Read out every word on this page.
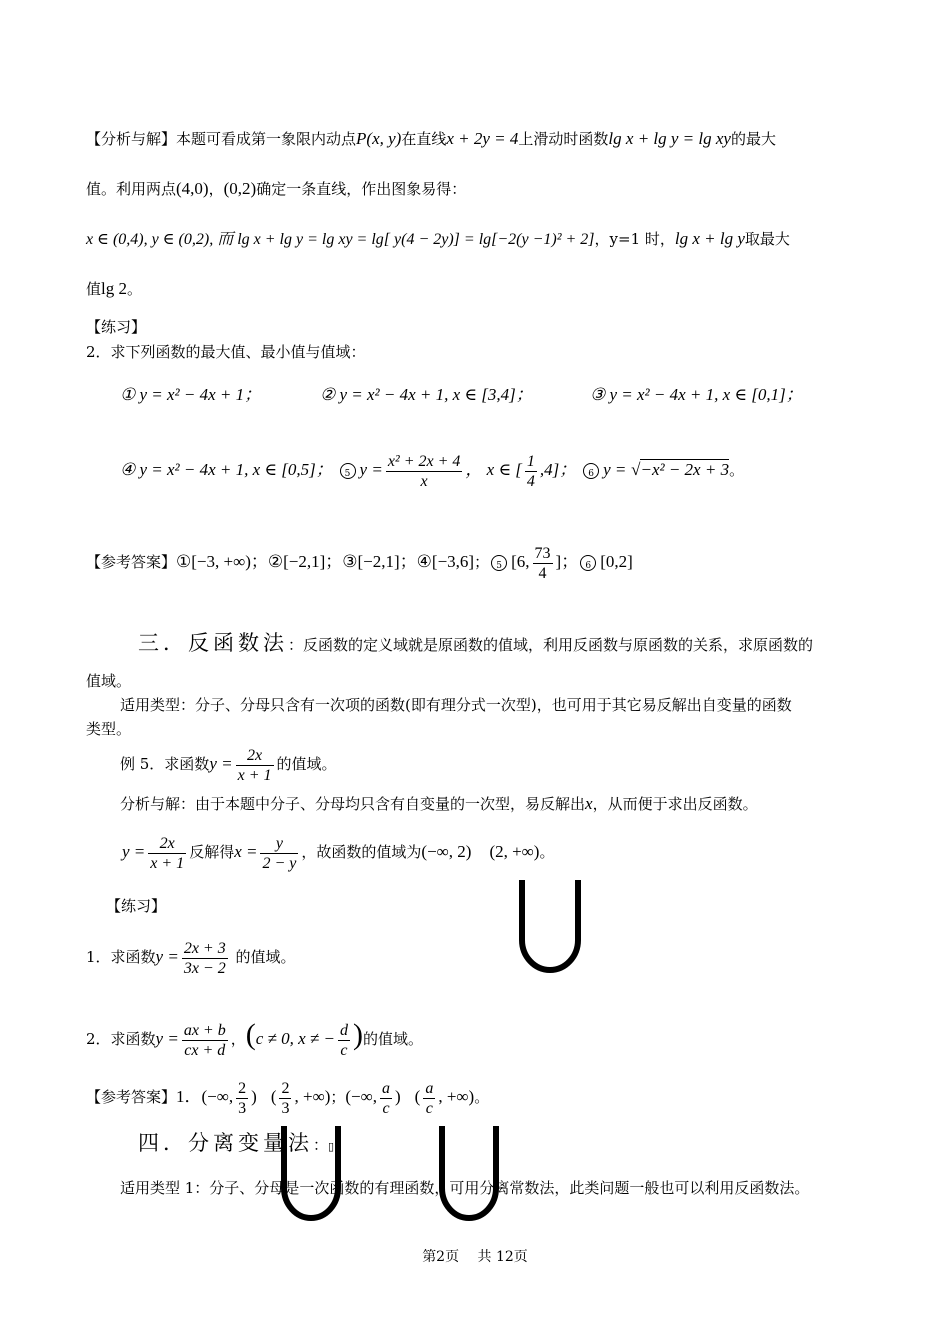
【分析与解】本题可看成第一象限内动点P(x, y)在直线x + 2y = 4上滑动时函数lg x + lg y = lg xy的最大
值。利用两点(4,0)，(0,2)确定一条直线，作出图象易得：
x ∈ (0,4), y ∈ (0,2), 而 lg x + lg y = lg xy = lg[ y(4 − 2y)] = lg[−2(y −1)² + 2]，y=1 时，lg x + lg y取最大
值lg 2。
【练习】
2．求下列函数的最大值、最小值与值域：
① y = x² − 4x + 1；	② y = x² − 4x + 1, x ∈ [3,4]；	③ y = x² − 4x + 1, x ∈ [0,1]；
④ y = x² − 4x + 1, x ∈ [0,5]； 5 $y = \frac{\text{x² + 2x + 4}}{x}$ ， x ∈ [ $\frac{1}{4} ,4$]； 6 y = √−x² − 2x + 3。
【参考答案】①[−3, +∞)；②[−2,1]；③[−2,1]；④[−3,6]； 5 [6, $\frac{73}{4}$ ]； 6 [0,2]
三．反函数法：反函数的定义域就是原函数的值域，利用反函数与原函数的关系，求原函数的
值域。
适用类型：分子、分母只含有一次项的函数(即有理分式一次型)，也可用于其它易反解出自变量的函数
类型。
例 5．求函数$y = \frac{2x}{x + 1}$ 的值域。
分析与解：由于本题中分子、分母均只含有自变量的一次型，易反解出x，从而便于求出反函数。
$y = \frac{2x}{x + 1}$ 反解得$x = \frac{y}{2 - y}$ ，故函数的值域为(−∞, 2) (2, +∞)。
【练习】
1．求函数$y = \frac{2x + 3}{3x - 2}$ 的值域。
2．求函数$y = \frac{ax + b}{cx + d}$ ，(c ≠ 0, x ≠ − $\frac{d}{c}$ )的值域。
【参考答案】1．(−∞, $\frac{2}{3}$ ) ( $\frac{2}{3}$ , +∞)；(−∞, $\frac{a}{c}$ ) ( $\frac{a}{c}$ , +∞)。
四．分离变量法：▯
适用类型 1：分子、分母是一次函数的有理函数，可用分离常数法，此类问题一般也可以利用反函数法。
第2页　 共 12页
